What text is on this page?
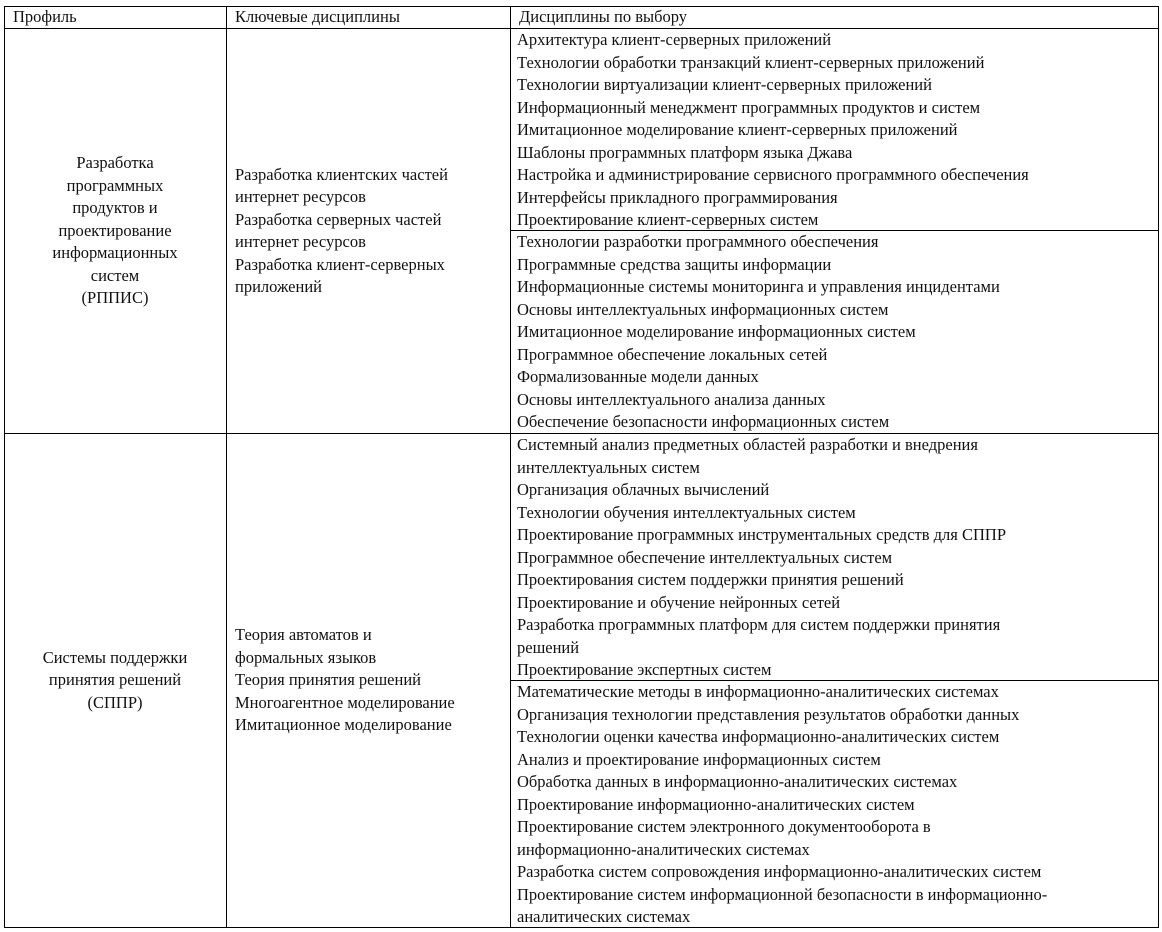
Профиль	Ключевые дисциплины	Дисциплины по выбору
Разработка
программных
продуктов и
проектирование
информационных
систем
(РППИС)
Разработка клиентских частей
интернет ресурсов
Разработка серверных частей
интернет ресурсов
Разработка клиент-серверных
приложений
Архитектура клиент-серверных приложений
Технологии обработки транзакций клиент-серверных приложений
Технологии виртуализации клиент-серверных приложений
Информационный менеджмент программных продуктов и систем
Имитационное моделирование клиент-серверных приложений
Шаблоны программных платформ языка Джава
Настройка и администрирование сервисного программного обеспечения
Интерфейсы прикладного программирования
Проектирование клиент-серверных систем
Технологии разработки программного обеспечения
Программные средства защиты информации
Информационные системы мониторинга и управления инцидентами
Основы интеллектуальных информационных систем
Имитационное моделирование информационных систем
Программное обеспечение локальных сетей
Формализованные модели данных
Основы интеллектуального анализа данных
Обеспечение безопасности информационных систем
Системы поддержки
принятия решений
(СППР)
Теория автоматов и
формальных языков
Теория принятия решений
Многоагентное моделирование
Имитационное моделирование
Системный анализ предметных областей разработки и внедрения
интеллектуальных систем
Организация облачных вычислений
Технологии обучения интеллектуальных систем
Проектирование программных инструментальных средств для СППР
Программное обеспечение интеллектуальных систем
Проектирования систем поддержки принятия решений
Проектирование и обучение нейронных сетей
Разработка программных платформ для систем поддержки принятия
решений
Проектирование экспертных систем
Математические методы в информационно-аналитических системах
Организация технологии представления результатов обработки данных
Технологии оценки качества информационно-аналитических систем
Анализ и проектирование информационных систем
Обработка данных в информационно-аналитических системах
Проектирование информационно-аналитических систем
Проектирование систем электронного документооборота в
информационно-аналитических системах
Разработка систем сопровождения информационно-аналитических систем
Проектирование систем информационной безопасности в информационно-
аналитических системах
